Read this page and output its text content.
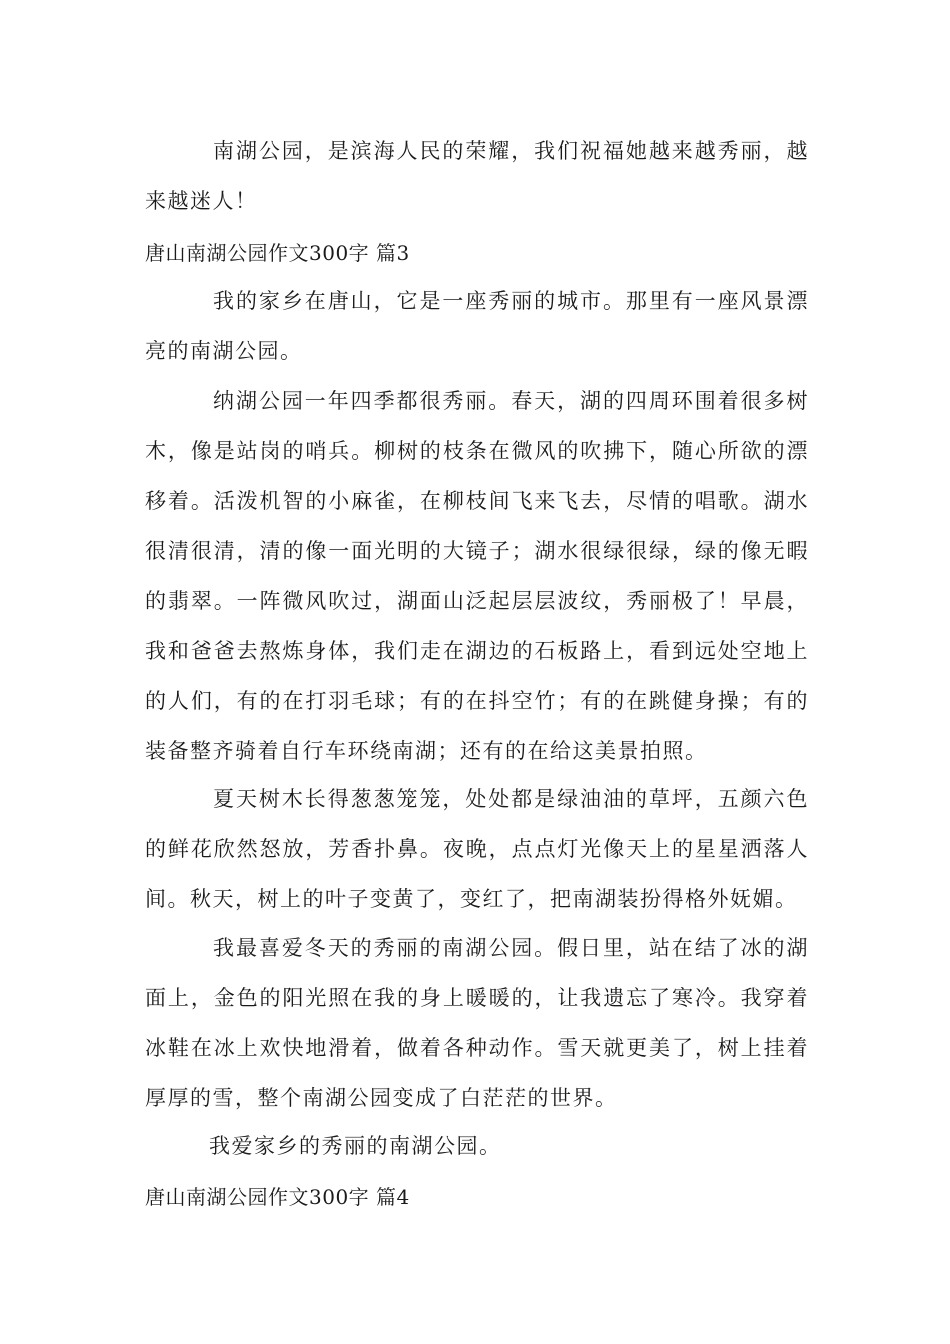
南湖公园，是滨海人民的荣耀，我们祝福她越来越秀丽，越来越迷人！

唐山南湖公园作文300字 篇3

我的家乡在唐山，它是一座秀丽的城市。那里有一座风景漂亮的南湖公园。

纳湖公园一年四季都很秀丽。春天，湖的四周环围着很多树木，像是站岗的哨兵。柳树的枝条在微风的吹拂下，随心所欲的漂移着。活泼机智的小麻雀，在柳枝间飞来飞去，尽情的唱歌。湖水很清很清，清的像一面光明的大镜子；湖水很绿很绿，绿的像无暇的翡翠。一阵微风吹过，湖面山泛起层层波纹，秀丽极了！早晨，我和爸爸去熬炼身体，我们走在湖边的石板路上，看到远处空地上的人们，有的在打羽毛球；有的在抖空竹；有的在跳健身操；有的装备整齐骑着自行车环绕南湖；还有的在给这美景拍照。

夏天树木长得葱葱笼笼，处处都是绿油油的草坪，五颜六色的鲜花欣然怒放，芳香扑鼻。夜晚，点点灯光像天上的星星洒落人间。秋天，树上的叶子变黄了，变红了，把南湖装扮得格外妩媚。

我最喜爱冬天的秀丽的南湖公园。假日里，站在结了冰的湖面上，金色的阳光照在我的身上暖暖的，让我遗忘了寒冷。我穿着冰鞋在冰上欢快地滑着，做着各种动作。雪天就更美了，树上挂着厚厚的雪，整个南湖公园变成了白茫茫的世界。

我爱家乡的秀丽的南湖公园。

唐山南湖公园作文300字 篇4
